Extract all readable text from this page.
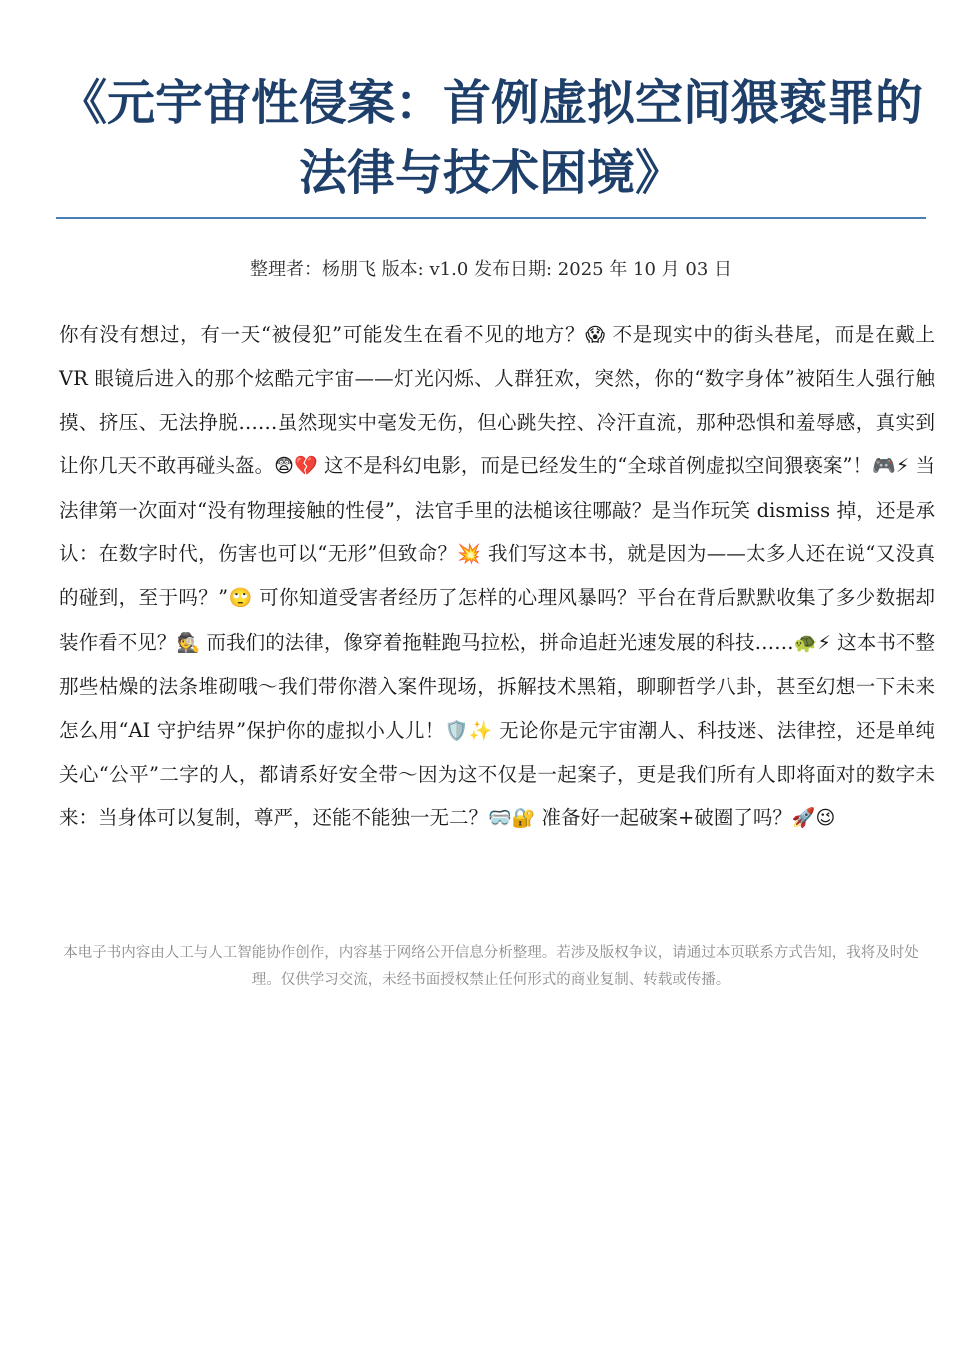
《元宇宙性侵案：首例虚拟空间猥亵罪的法律与技术困境》
整理者：杨朋飞 版本: v1.0 发布日期: 2025 年 10 月 03 日

你有没有想过，有一天“被侵犯”可能发生在看不见的地方？😱 不是现实中的街头巷尾，而是在戴上 VR 眼镜后进入的那个炫酷元宇宙——灯光闪烁、人群狂欢，突然，你的“数字身体”被陌生人强行触摸、挤压、无法挣脱……虽然现实中毫发无伤，但心跳失控、冷汗直流，那种恐惧和羞辱感，真实到让你几天不敢再碰头盔。😨💔 这不是科幻电影，而是已经发生的“全球首例虚拟空间猥亵案”！🎮⚡ 当法律第一次面对“没有物理接触的性侵”，法官手里的法槌该往哪敲？是当作玩笑 dismiss 掉，还是承认：在数字时代，伤害也可以“无形”但致命？💥 我们写这本书，就是因为——太多人还在说“又没真的碰到，至于吗？”🙄 可你知道受害者经历了怎样的心理风暴吗？平台在背后默默收集了多少数据却装作看不见？🕵️ 而我们的法律，像穿着拖鞋跑马拉松，拼命追赶光速发展的科技……🐢⚡ 这本书不整那些枯燥的法条堆砌哦～我们带你潜入案件现场，拆解技术黑箱，聊聊哲学八卦，甚至幻想一下未来怎么用“AI 守护结界”保护你的虚拟小人儿！🛡️✨ 无论你是元宇宙潮人、科技迷、法律控，还是单纯关心“公平”二字的人，都请系好安全带～因为这不仅是一起案子，更是我们所有人即将面对的数字未来：当身体可以复制，尊严，还能不能独一无二？🥽🔐 准备好一起破案+破圈了吗？🚀😉

本电子书内容由人工与人工智能协作创作，内容基于网络公开信息分析整理。若涉及版权争议，请通过本页联系方式告知，我将及时处理。仅供学习交流，未经书面授权禁止任何形式的商业复制、转载或传播。
